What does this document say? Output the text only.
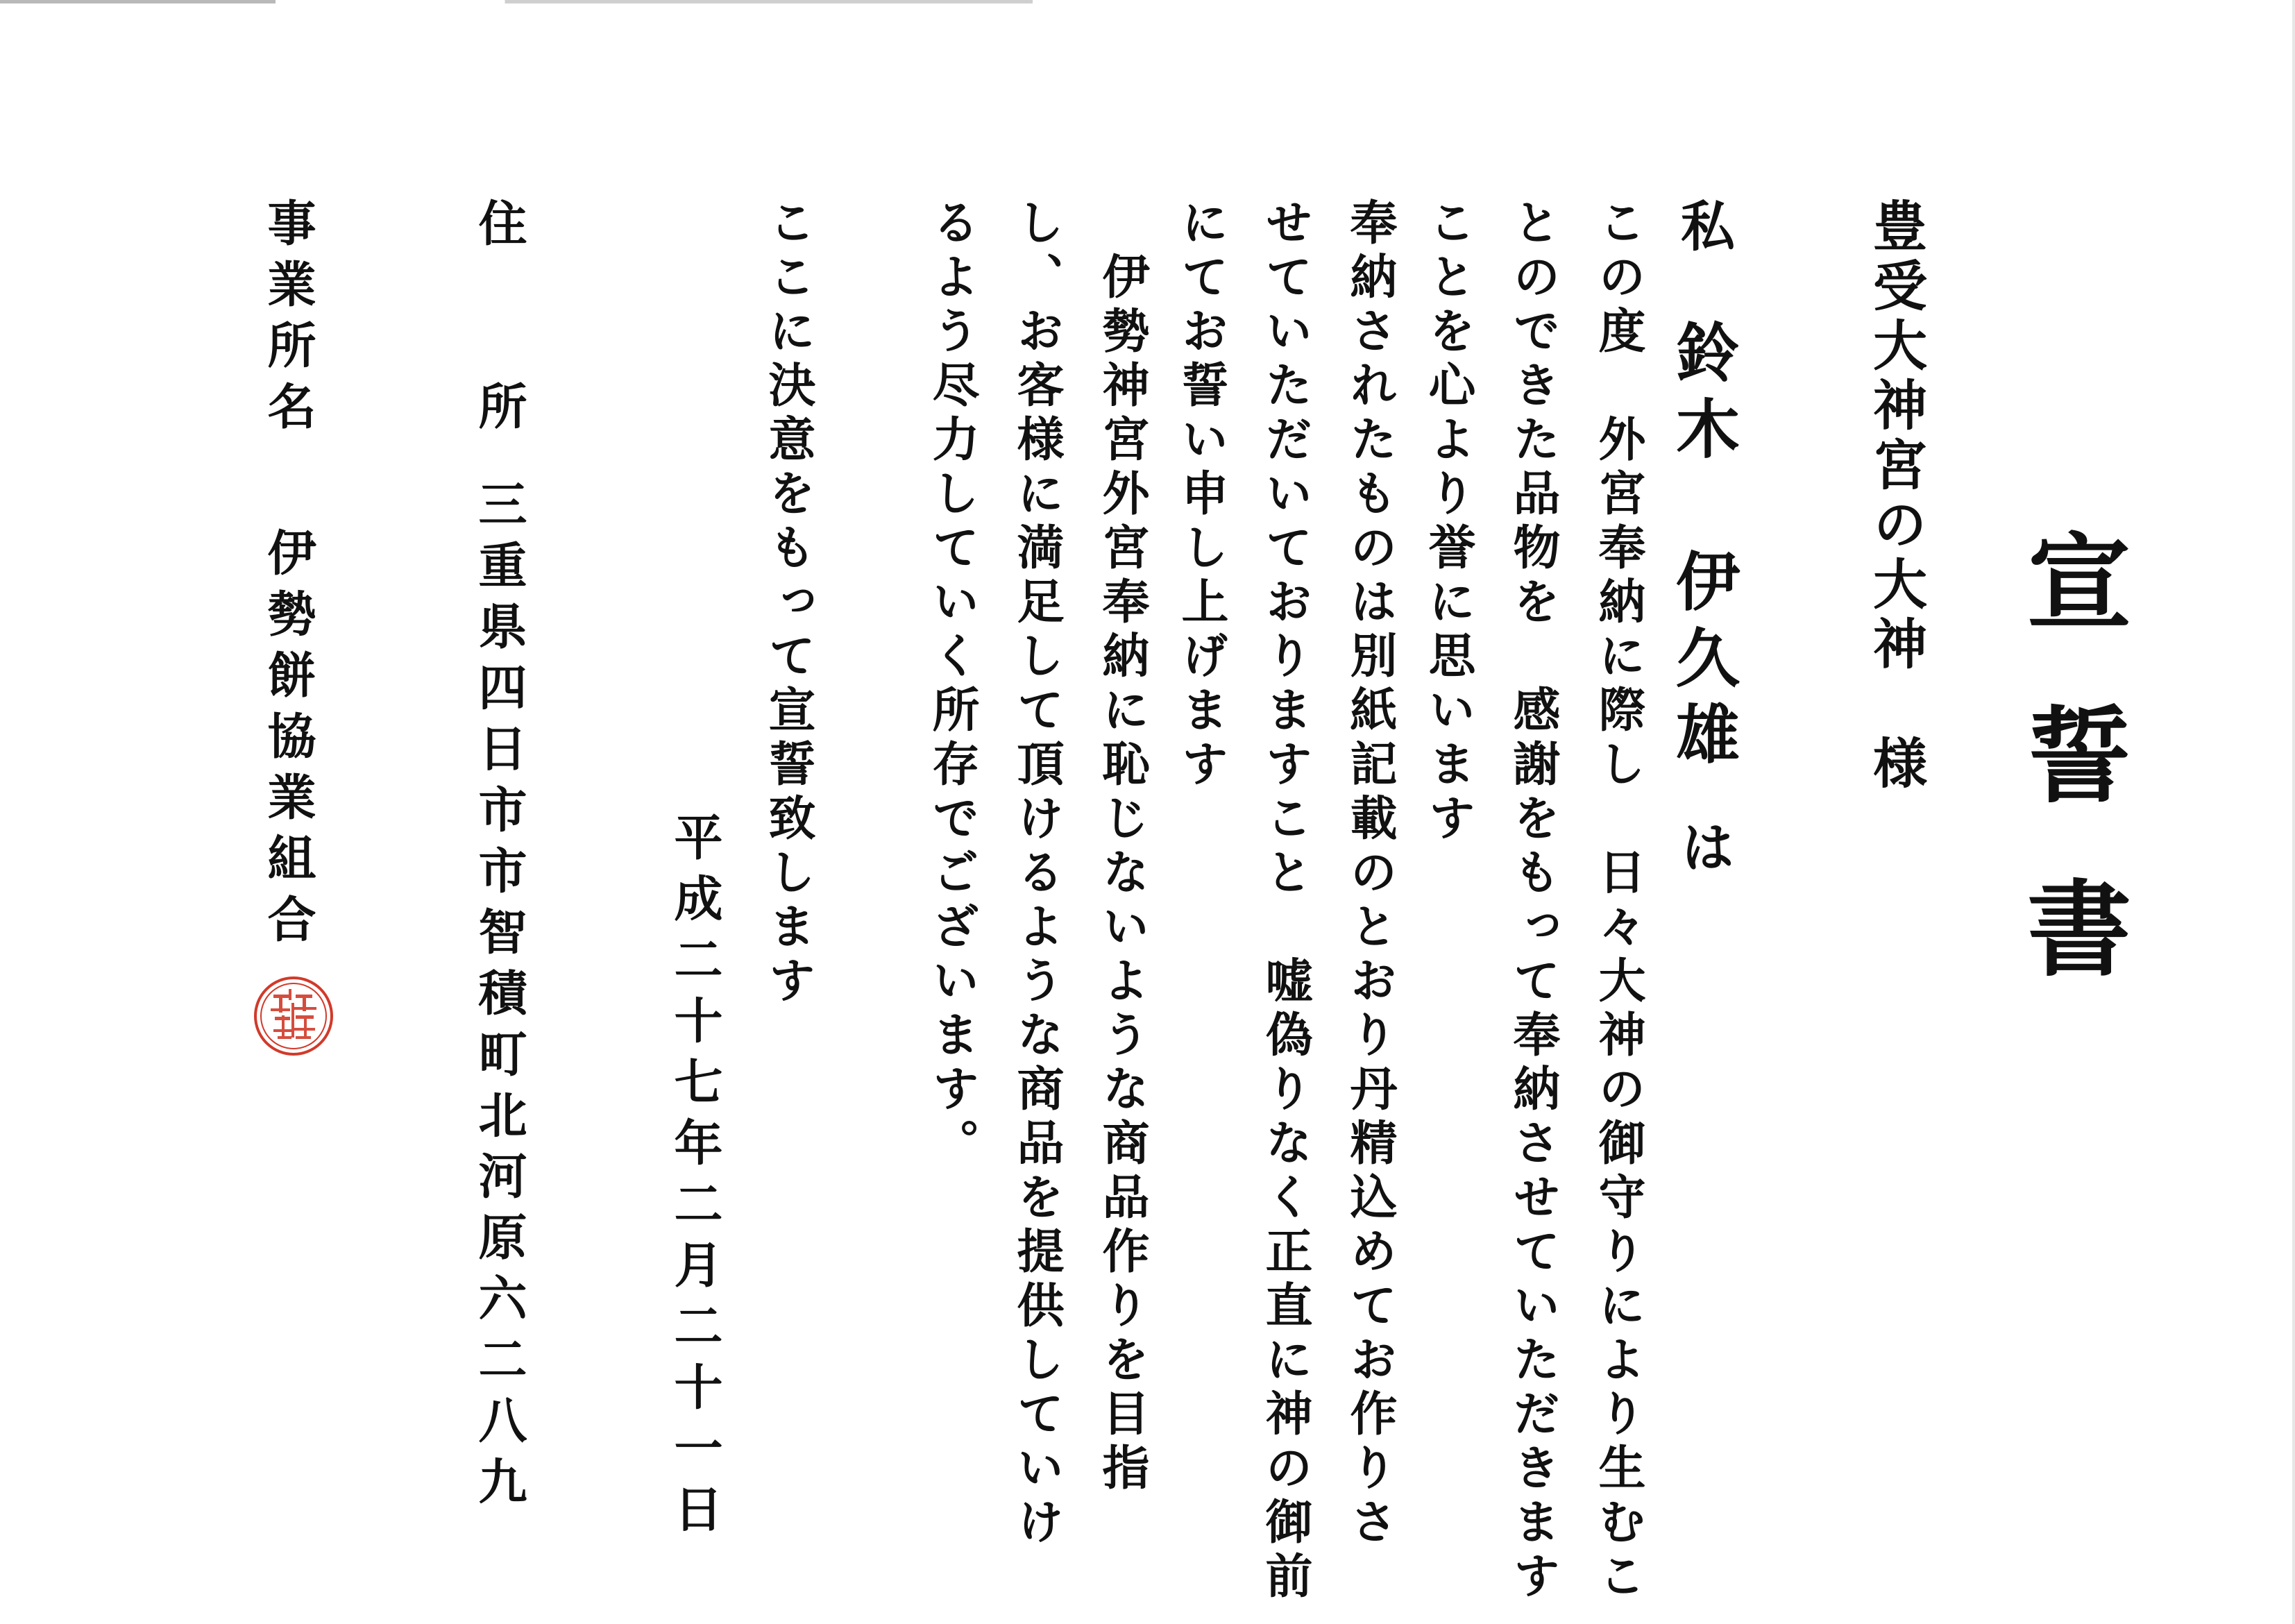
宣誓書
豊受大神宮の大神　様
私
鈴木　伊久雄
は
この度　外宮奉納に際し　日々大神の御守りにより生むこ
とのできた品物を　感謝をもって奉納させていただきます
ことを心より誉に思います
奉納されたものは別紙記載のとおり丹精込めてお作りさ
せていただいておりますこと　嘘偽りなく正直に神の御前
にてお誓い申し上げます
　伊勢神宮外宮奉納に恥じないような商品作りを目指
し、お客様に満足して頂けるような商品を提供していけ
るよう尽力していく所存でございます。
ここに決意をもって宣誓致します
平成二十七年二月二十一日
住　　所
三重県四日市市智積町北河原六二八九
事業所名
伊勢餅協業組合
